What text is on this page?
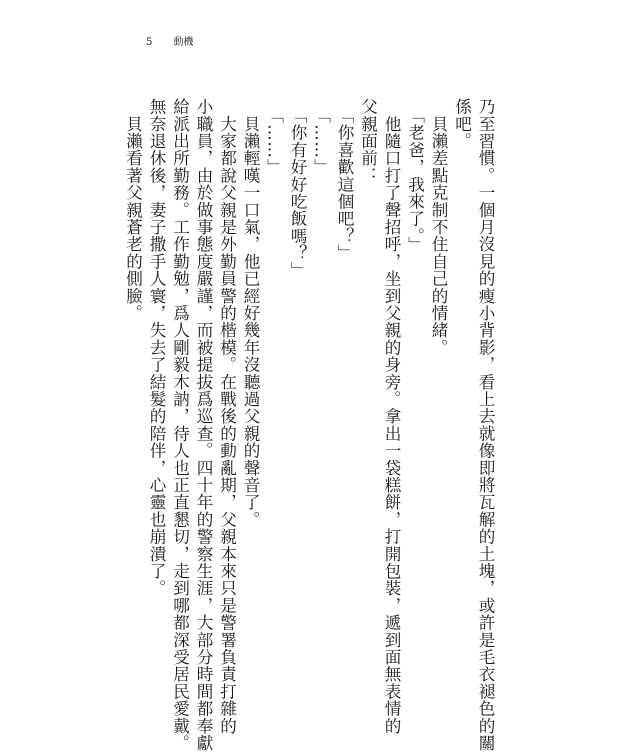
5 動機
乃至習慣。一個月沒見的瘦小背影，看上去就像即將瓦解的土塊，或許是毛衣褪色的關
係吧。
　貝瀨差點克制不住自己的情緒。
　「老爸，我來了。」
　他隨口打了聲招呼，坐到父親的身旁。拿出一袋糕餅，打開包裝，遞到面無表情的
父親面前：
　「你喜歡這個吧？」
　「……」
　「你有好好吃飯嗎？」
　「……」
　貝瀨輕嘆一口氣，他已經好幾年沒聽過父親的聲音了。
　大家都說父親是外勤員警的楷模。在戰後的動亂期，父親本來只是警署負責打雜的
小職員，由於做事態度嚴謹，而被提拔爲巡查。四十年的警察生涯，大部分時間都奉獻
給派出所勤務。工作勤勉，爲人剛毅木訥，待人也正直懇切，走到哪都深受居民愛戴。
無奈退休後，妻子撒手人寰，失去了結髮的陪伴，心靈也崩潰了。
　貝瀨看著父親蒼老的側臉。
